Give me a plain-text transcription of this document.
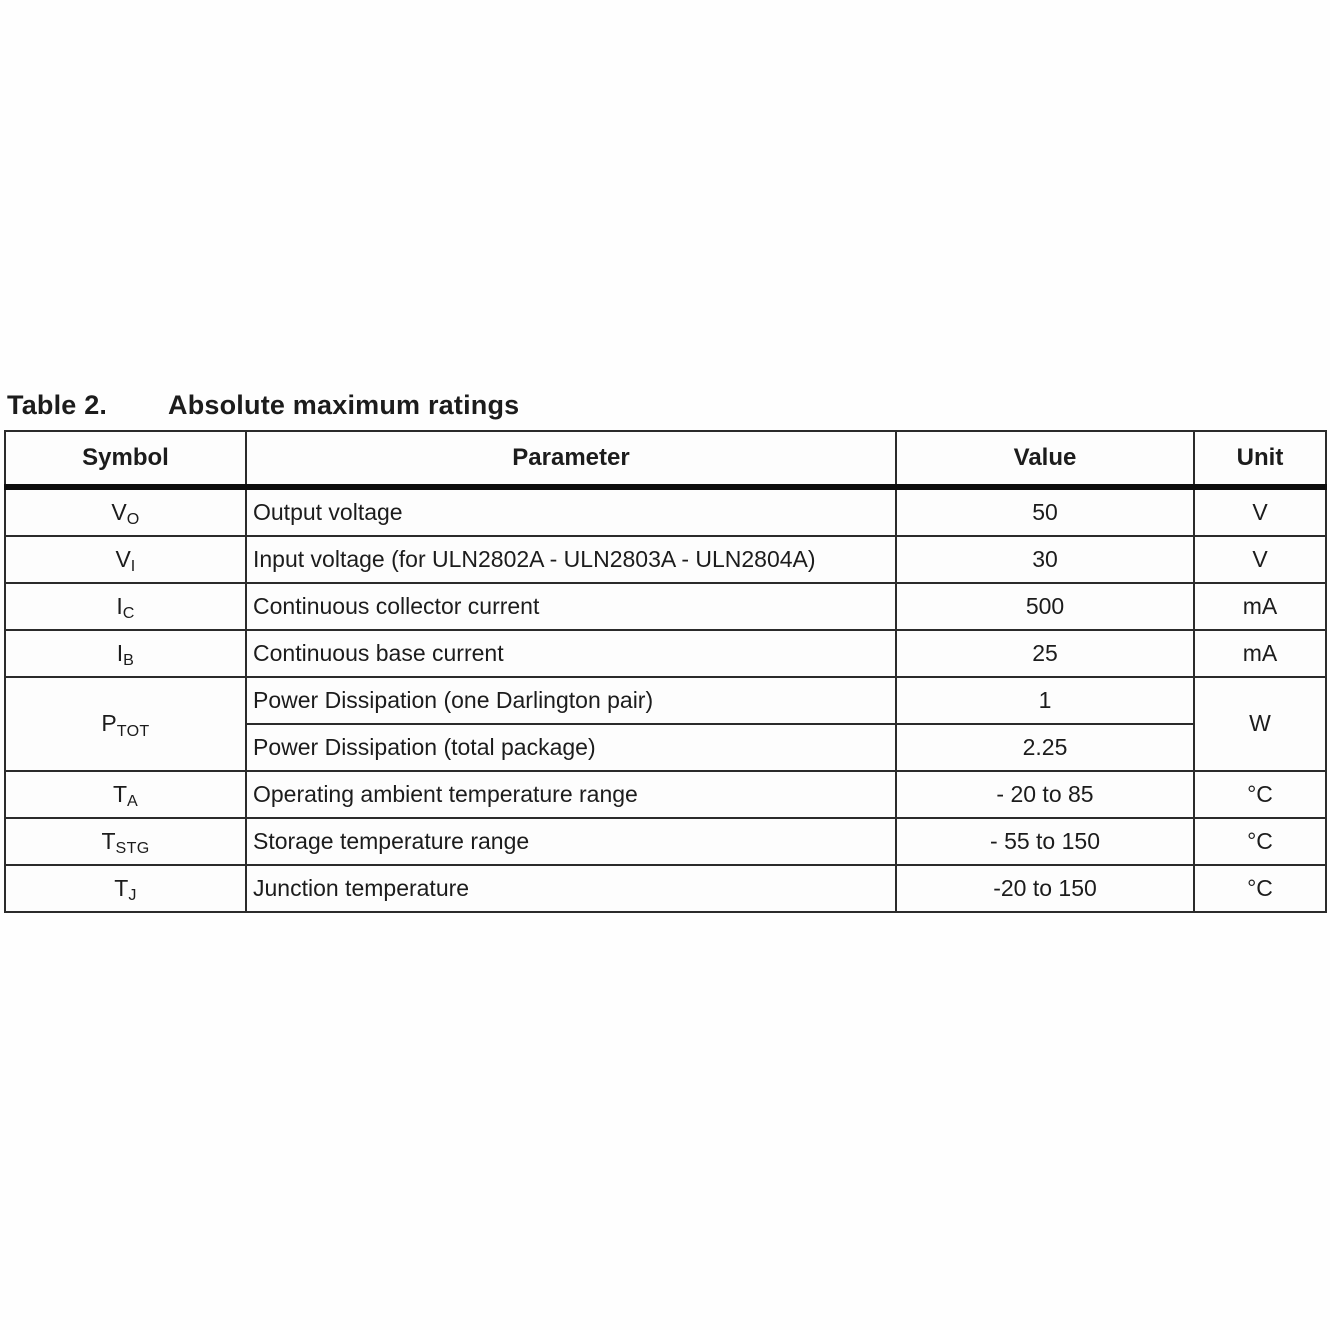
Table 2.	Absolute maximum ratings
Symbol	Parameter	Value	Unit
VO	Output voltage	50	V
VI	Input voltage (for ULN2802A - ULN2803A - ULN2804A)	30	V
IC	Continuous collector current	500	mA
IB	Continuous base current	25	mA
PTOT	Power Dissipation (one Darlington pair)	1	W
	Power Dissipation (total package)	2.25	
TA	Operating ambient temperature range	- 20 to 85	°C
TSTG	Storage temperature range	- 55 to 150	°C
TJ	Junction temperature	-20 to 150	°C
